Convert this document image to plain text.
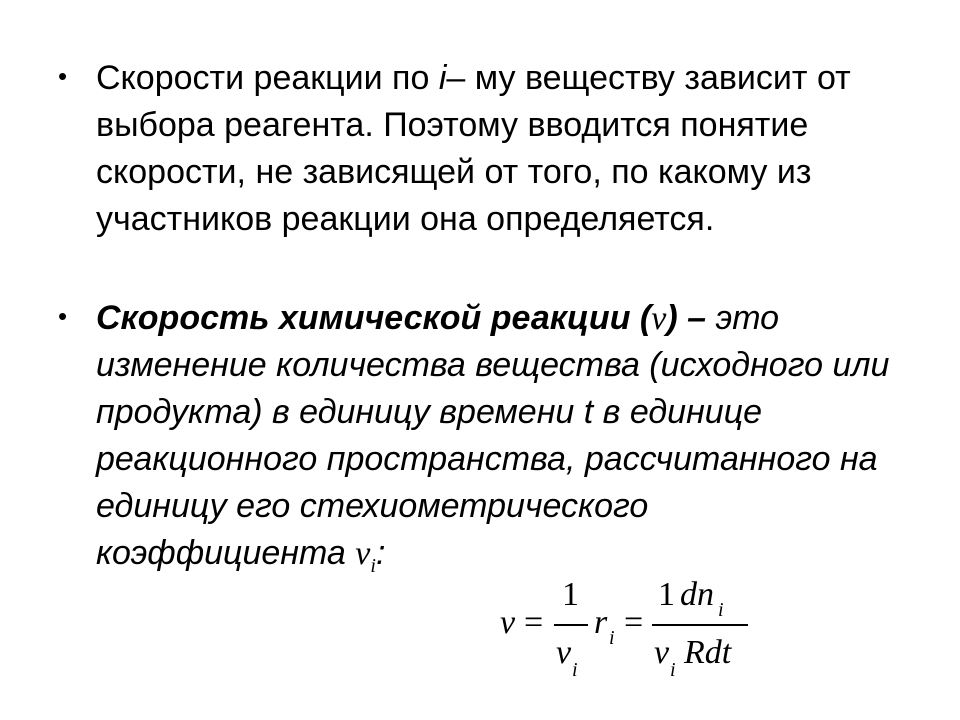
• Скорости реакции по i– му веществу зависит от выбора реагента. Поэтому вводится понятие скорости, не зависящей от того, по какому из участников реакции она определяется.
• Скорость химической реакции (v) – это изменение количества вещества (исходного или продукта) в единицу времени t в единице реакционного пространства, рассчитанного на единицу его стехиометрического коэффициента $\nu_i$:
v =
1
ν i
r i =
1 dn i
ν i Rdt
